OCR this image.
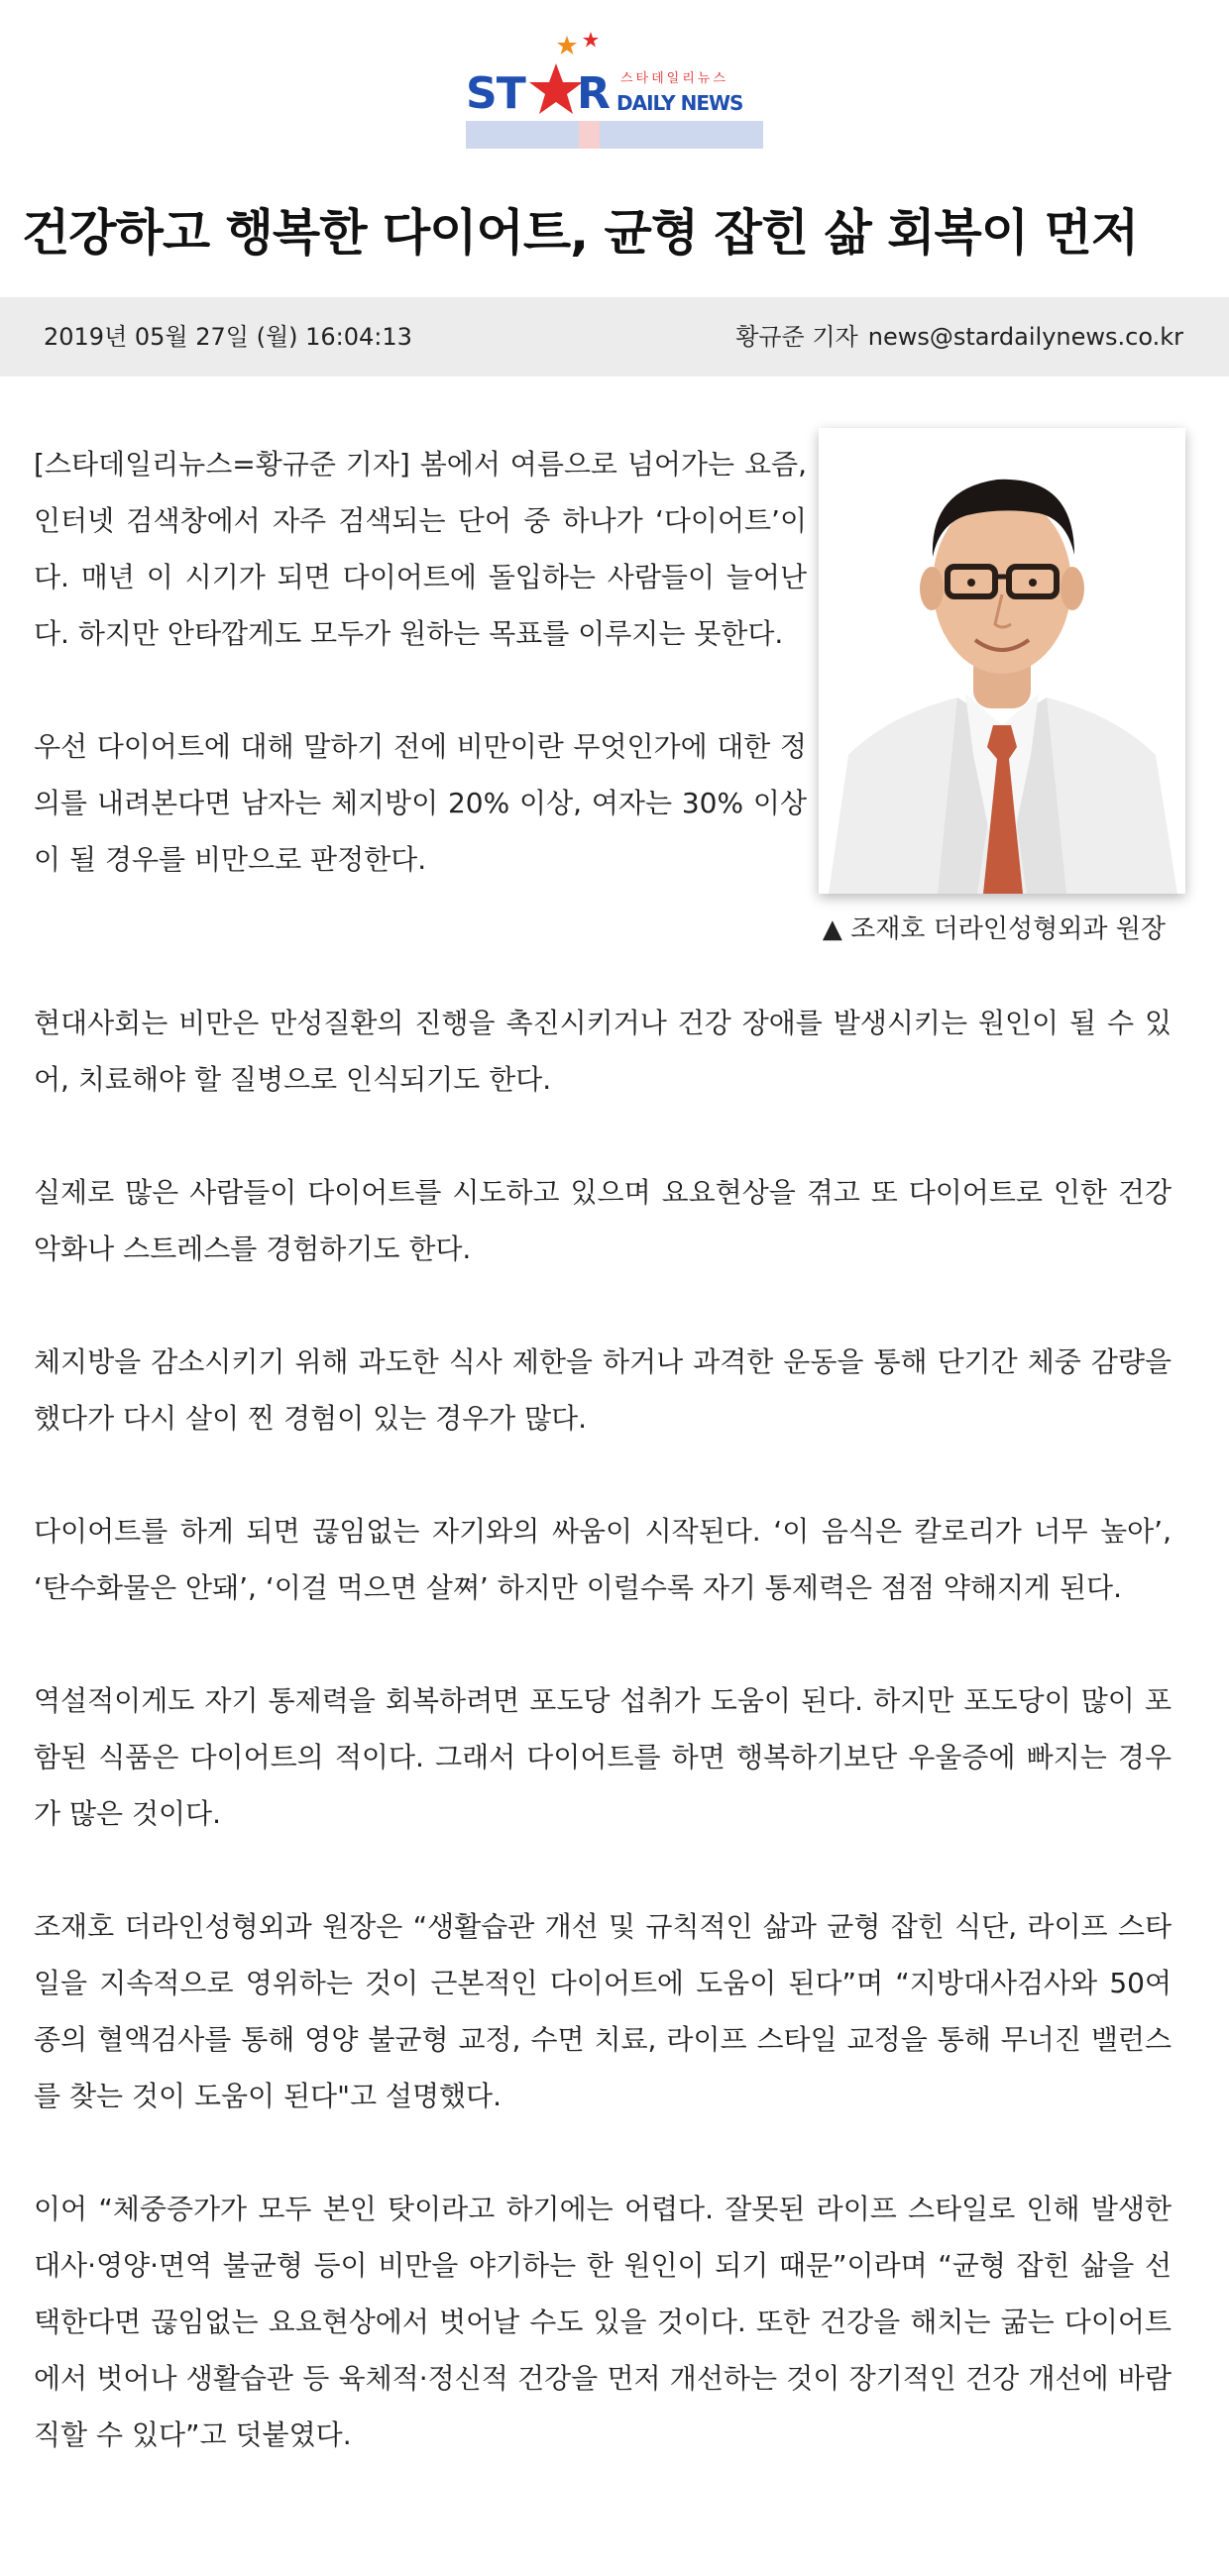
ST R 스타데일리뉴스
DAILY NEWS
건강하고 행복한 다이어트, 균형 잡힌 삶 회복이 먼저
2019년 05월 27일 (월) 16:04:13	황규준 기자 news@stardailynews.co.kr
▲ 조재호 더라인성형외과 원장

[스타데일리뉴스=황규준 기자] 봄에서 여름으로 넘어가는 요즘, 인터넷 검색창에서 자주 검색되는 단어 중 하나가 ‘다이어트’이다. 매년 이 시기가 되면 다이어트에 돌입하는 사람들이 늘어난다. 하지만 안타깝게도 모두가 원하는 목표를 이루지는 못한다.

우선 다이어트에 대해 말하기 전에 비만이란 무엇인가에 대한 정의를 내려본다면 남자는 체지방이 20% 이상, 여자는 30% 이상이 될 경우를 비만으로 판정한다.

현대사회는 비만은 만성질환의 진행을 촉진시키거나 건강 장애를 발생시키는 원인이 될 수 있어, 치료해야 할 질병으로 인식되기도 한다.

실제로 많은 사람들이 다이어트를 시도하고 있으며 요요현상을 겪고 또 다이어트로 인한 건강 악화나 스트레스를 경험하기도 한다.

체지방을 감소시키기 위해 과도한 식사 제한을 하거나 과격한 운동을 통해 단기간 체중 감량을 했다가 다시 살이 찐 경험이 있는 경우가 많다.

다이어트를 하게 되면 끊임없는 자기와의 싸움이 시작된다. ‘이 음식은 칼로리가 너무 높아’, ‘탄수화물은 안돼’, ‘이걸 먹으면 살쪄’ 하지만 이럴수록 자기 통제력은 점점 약해지게 된다.

역설적이게도 자기 통제력을 회복하려면 포도당 섭취가 도움이 된다. 하지만 포도당이 많이 포함된 식품은 다이어트의 적이다. 그래서 다이어트를 하면 행복하기보단 우울증에 빠지는 경우가 많은 것이다.

조재호 더라인성형외과 원장은 “생활습관 개선 및 규칙적인 삶과 균형 잡힌 식단, 라이프 스타일을 지속적으로 영위하는 것이 근본적인 다이어트에 도움이 된다”며 “지방대사검사와 50여 종의 혈액검사를 통해 영양 불균형 교정, 수면 치료, 라이프 스타일 교정을 통해 무너진 밸런스를 찾는 것이 도움이 된다"고 설명했다.

이어 “체중증가가 모두 본인 탓이라고 하기에는 어렵다. 잘못된 라이프 스타일로 인해 발생한 대사·영양·면역 불균형 등이 비만을 야기하는 한 원인이 되기 때문”이라며 “균형 잡힌 삶을 선택한다면 끊임없는 요요현상에서 벗어날 수도 있을 것이다. 또한 건강을 해치는 굶는 다이어트에서 벗어나 생활습관 등 육체적·정신적 건강을 먼저 개선하는 것이 장기적인 건강 개선에 바람직할 수 있다”고 덧붙였다.
